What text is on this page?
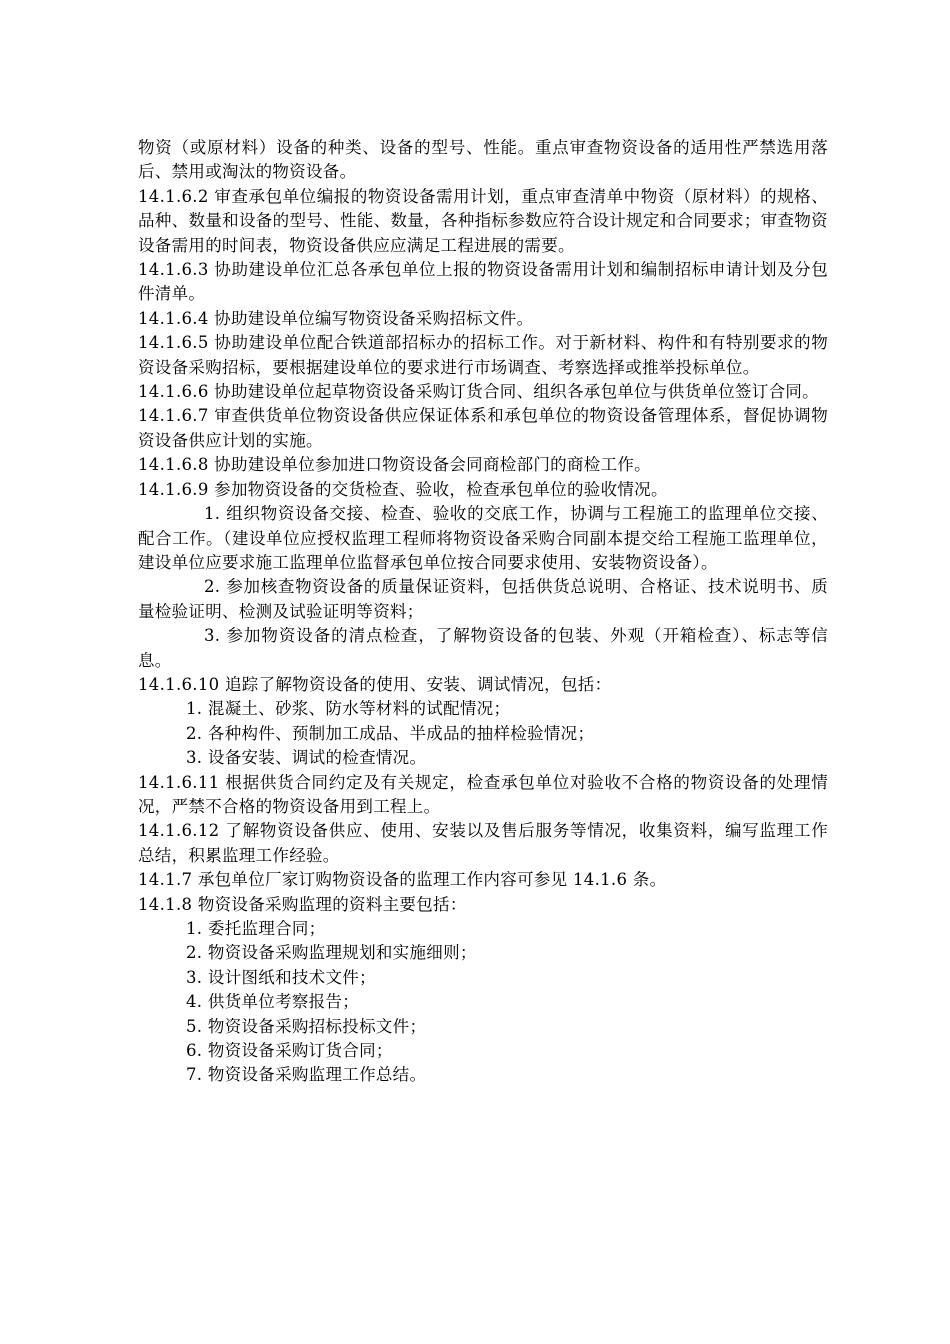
物资（或原材料）设备的种类、设备的型号、性能。重点审查物资设备的适用性严禁选用落后、禁用或淘汰的物资设备。

14.1.6.2 审查承包单位编报的物资设备需用计划，重点审查清单中物资（原材料）的规格、品种、数量和设备的型号、性能、数量，各种指标参数应符合设计规定和合同要求；审查物资设备需用的时间表，物资设备供应应满足工程进展的需要。

14.1.6.3 协助建设单位汇总各承包单位上报的物资设备需用计划和编制招标申请计划及分包件清单。

14.1.6.4 协助建设单位编写物资设备采购招标文件。

14.1.6.5 协助建设单位配合铁道部招标办的招标工作。对于新材料、构件和有特别要求的物资设备采购招标，要根据建设单位的要求进行市场调查、考察选择或推举投标单位。

14.1.6.6 协助建设单位起草物资设备采购订货合同、组织各承包单位与供货单位签订合同。

14.1.6.7 审查供货单位物资设备供应保证体系和承包单位的物资设备管理体系，督促协调物资设备供应计划的实施。

14.1.6.8 协助建设单位参加进口物资设备会同商检部门的商检工作。

14.1.6.9 参加物资设备的交货检查、验收，检查承包单位的验收情况。

1. 组织物资设备交接、检查、验收的交底工作，协调与工程施工的监理单位交接、配合工作。（建设单位应授权监理工程师将物资设备采购合同副本提交给工程施工监理单位，建设单位应要求施工监理单位监督承包单位按合同要求使用、安装物资设备）。

2. 参加核查物资设备的质量保证资料，包括供货总说明、合格证、技术说明书、质量检验证明、检测及试验证明等资料；

3. 参加物资设备的清点检查，了解物资设备的包装、外观（开箱检查）、标志等信息。

14.1.6.10 追踪了解物资设备的使用、安装、调试情况，包括：

1. 混凝土、砂浆、防水等材料的试配情况；

2. 各种构件、预制加工成品、半成品的抽样检验情况；

3. 设备安装、调试的检查情况。

14.1.6.11 根据供货合同约定及有关规定，检查承包单位对验收不合格的物资设备的处理情况，严禁不合格的物资设备用到工程上。

14.1.6.12 了解物资设备供应、使用、安装以及售后服务等情况，收集资料，编写监理工作总结，积累监理工作经验。

14.1.7 承包单位厂家订购物资设备的监理工作内容可参见 14.1.6 条。

14.1.8 物资设备采购监理的资料主要包括：

1. 委托监理合同；

2. 物资设备采购监理规划和实施细则；

3. 设计图纸和技术文件；

4. 供货单位考察报告；

5. 物资设备采购招标投标文件；

6. 物资设备采购订货合同；

7. 物资设备采购监理工作总结。
